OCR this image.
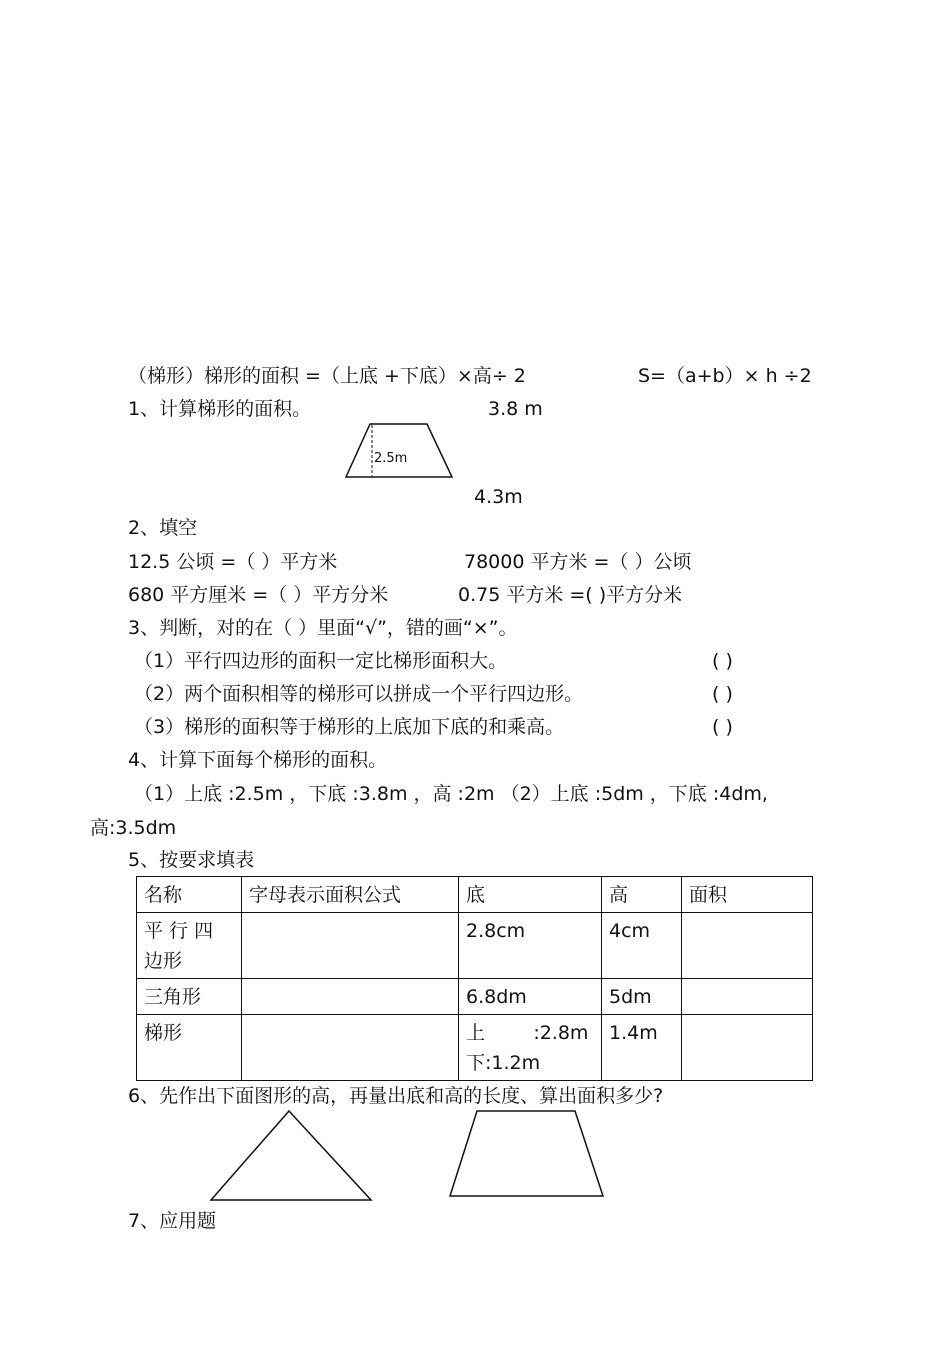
（梯形）梯形的面积 =（上底 +下底）×高÷ 2	S=（a+b）× h ÷2
1、计算梯形的面积。	3.8 m
2.5m
4.3m
2、填空
12.5 公顷 =（ ）平方米	78000 平方米 =（ ）公顷
680 平方厘米 =（ ）平方分米	0.75 平方米 =( )平方分米
3、判断，对的在（ ）里面“√”，错的画“×”。
（1）平行四边形的面积一定比梯形面积大。	( )
（2）两个面积相等的梯形可以拼成一个平行四边形。	( )
（3）梯形的面积等于梯形的上底加下底的和乘高。	( )
4、计算下面每个梯形的面积。
（1）上底 :2.5m ，下底 :3.8m ，高 :2m （2）上底 :5dm ，下底 :4dm,
高:3.5dm
5、按要求填表
名称	字母表示面积公式	底	高	面积

平 行 四
边形		2.8cm	4cm	
三角形		6.8dm	5dm	
梯形		上        :2.8m
下:1.2m	1.4m	
6、先作出下面图形的高，再量出底和高的长度、算出面积多少?
7、应用题
